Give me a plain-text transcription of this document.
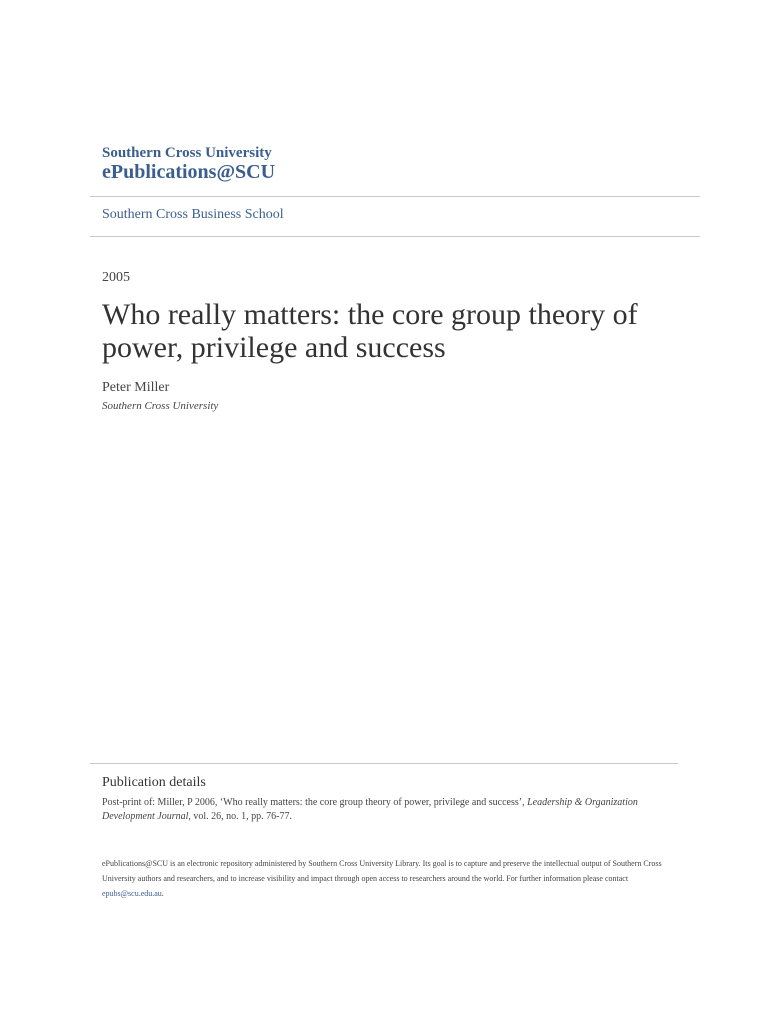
Southern Cross University
ePublications@SCU
Southern Cross Business School
2005
Who really matters: the core group theory of power, privilege and success
Peter Miller
Southern Cross University
Publication details
Post-print of: Miller, P 2006, ‘Who really matters: the core group theory of power, privilege and success’, Leadership & Organization Development Journal, vol. 26, no. 1, pp. 76-77.
ePublications@SCU is an electronic repository administered by Southern Cross University Library. Its goal is to capture and preserve the intellectual output of Southern Cross University authors and researchers, and to increase visibility and impact through open access to researchers around the world. For further information please contact epubs@scu.edu.au.
